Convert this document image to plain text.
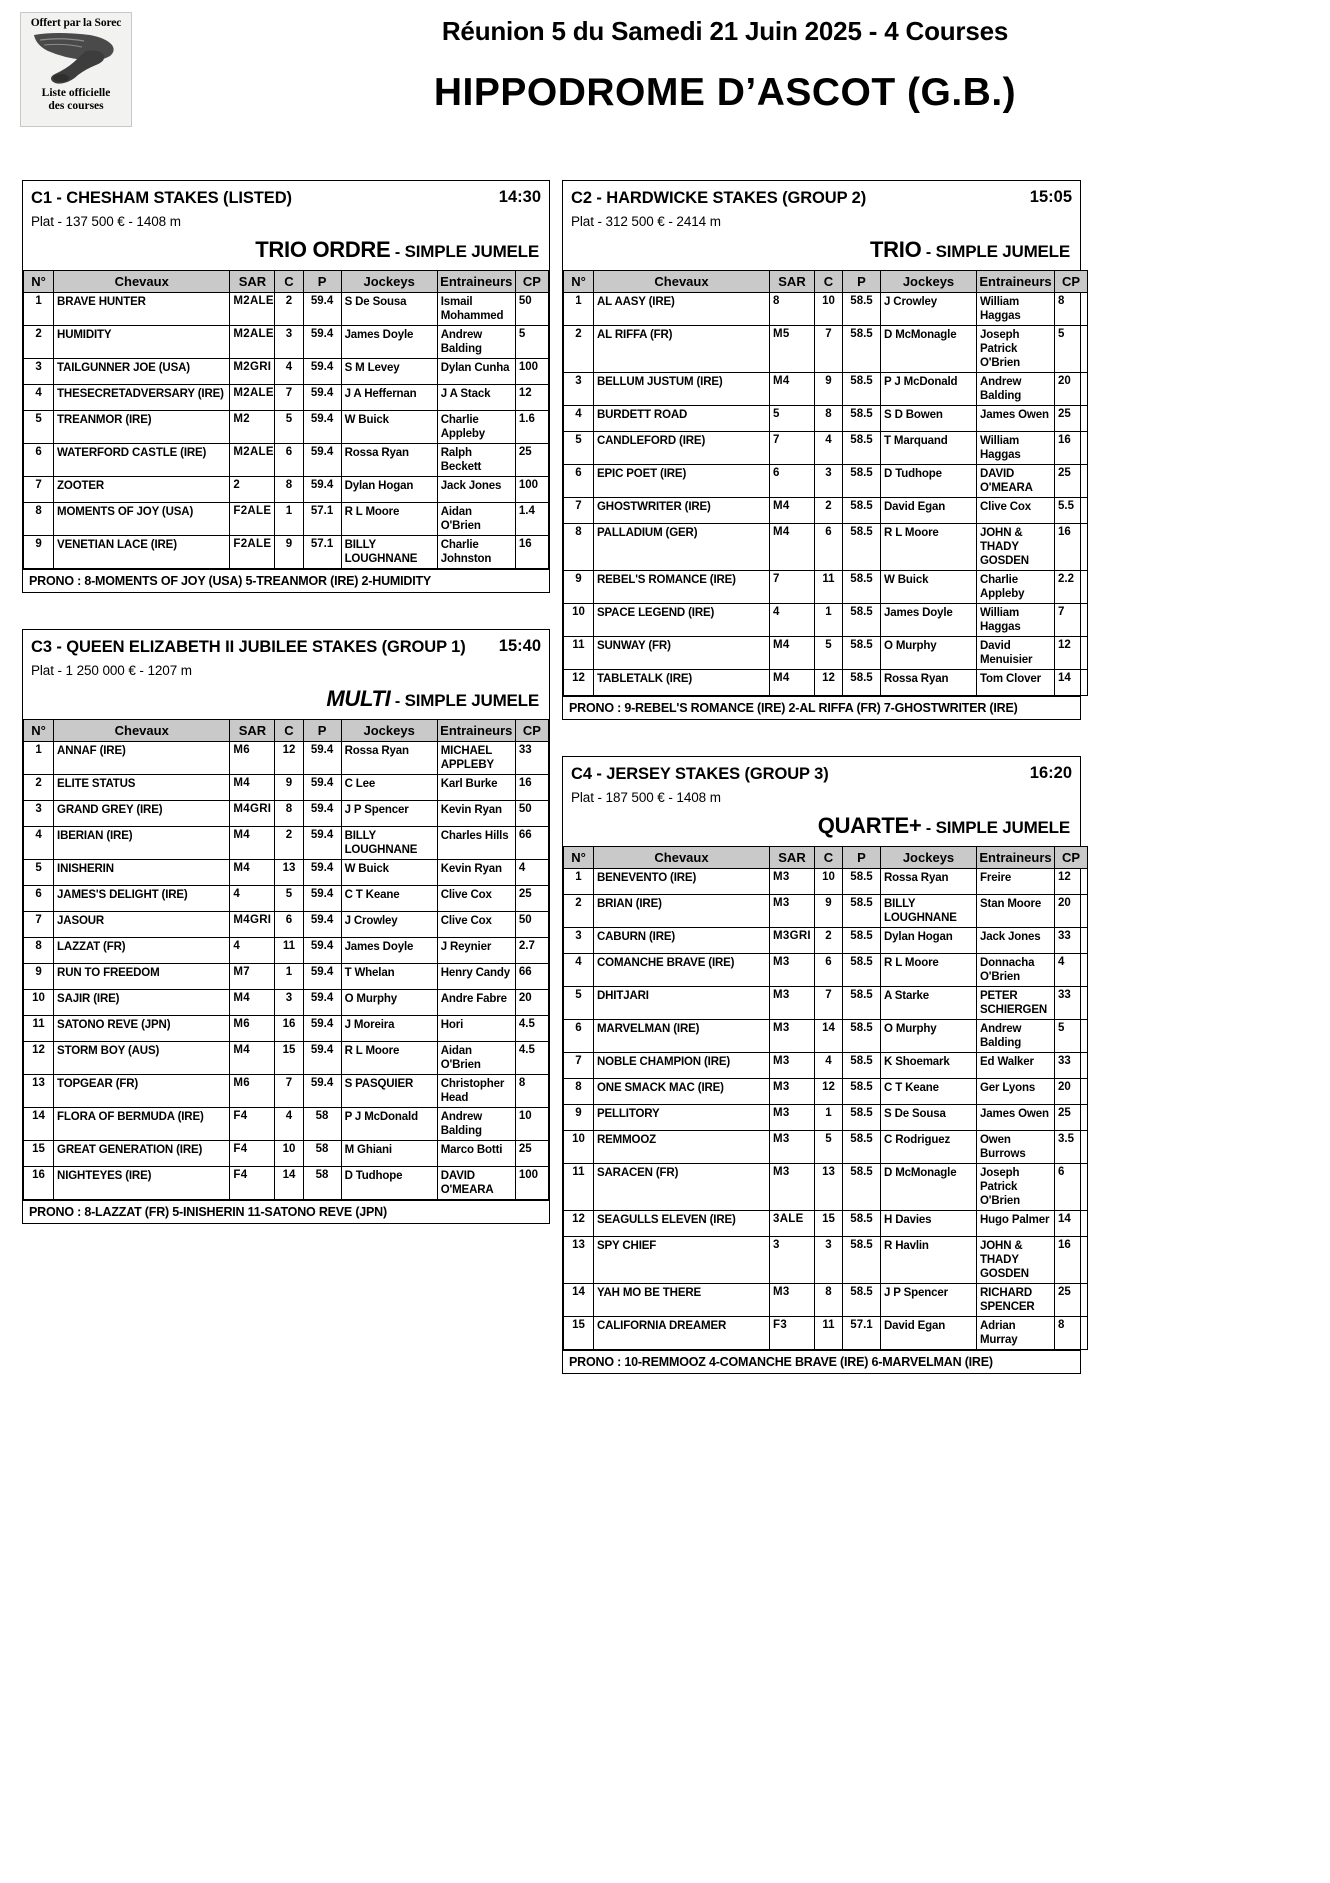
Offert par la Sorec
Liste officielle
des courses
Réunion 5 du Samedi 21 Juin 2025 - 4 Courses
HIPPODROME D’ASCOT (G.B.)
C1 - CHESHAM STAKES (LISTED)	14:30
Plat - 137 500 € - 1408 m
TRIO ORDRE - SIMPLE JUMELE
N°	Chevaux	SAR	C	P	Jockeys	Entraineurs	CP
1	BRAVE HUNTER	M2ALE	2	59.4	S De Sousa	Ismail Mohammed	50
2	HUMIDITY	M2ALE	3	59.4	James Doyle	Andrew Balding	5
3	TAILGUNNER JOE (USA)	M2GRI	4	59.4	S M Levey	Dylan Cunha	100
4	THESECRETADVERSARY (IRE)	M2ALE	7	59.4	J A Heffernan	J A Stack	12
5	TREANMOR (IRE)	M2	5	59.4	W Buick	Charlie Appleby	1.6
6	WATERFORD CASTLE (IRE)	M2ALE	6	59.4	Rossa Ryan	Ralph Beckett	25
7	ZOOTER	2	8	59.4	Dylan Hogan	Jack Jones	100
8	MOMENTS OF JOY (USA)	F2ALE	1	57.1	R L Moore	Aidan O'Brien	1.4
9	VENETIAN LACE (IRE)	F2ALE	9	57.1	BILLY LOUGHNANE	Charlie Johnston	16
PRONO : 8-MOMENTS OF JOY (USA) 5-TREANMOR (IRE) 2-HUMIDITY
C3 - QUEEN ELIZABETH II JUBILEE STAKES (GROUP 1)	15:40
Plat - 1 250 000 € - 1207 m
MULTI - SIMPLE JUMELE
N°	Chevaux	SAR	C	P	Jockeys	Entraineurs	CP
1	ANNAF (IRE)	M6	12	59.4	Rossa Ryan	MICHAEL APPLEBY	33
2	ELITE STATUS	M4	9	59.4	C Lee	Karl Burke	16
3	GRAND GREY (IRE)	M4GRI	8	59.4	J P Spencer	Kevin Ryan	50
4	IBERIAN (IRE)	M4	2	59.4	BILLY LOUGHNANE	Charles Hills	66
5	INISHERIN	M4	13	59.4	W Buick	Kevin Ryan	4
6	JAMES'S DELIGHT (IRE)	4	5	59.4	C T Keane	Clive Cox	25
7	JASOUR	M4GRI	6	59.4	J Crowley	Clive Cox	50
8	LAZZAT (FR)	4	11	59.4	James Doyle	J Reynier	2.7
9	RUN TO FREEDOM	M7	1	59.4	T Whelan	Henry Candy	66
10	SAJIR (IRE)	M4	3	59.4	O Murphy	Andre Fabre	20
11	SATONO REVE (JPN)	M6	16	59.4	J Moreira	Hori	4.5
12	STORM BOY (AUS)	M4	15	59.4	R L Moore	Aidan O'Brien	4.5
13	TOPGEAR (FR)	M6	7	59.4	S PASQUIER	Christopher Head	8
14	FLORA OF BERMUDA (IRE)	F4	4	58	P J McDonald	Andrew Balding	10
15	GREAT GENERATION (IRE)	F4	10	58	M Ghiani	Marco Botti	25
16	NIGHTEYES (IRE)	F4	14	58	D Tudhope	DAVID O'MEARA	100
PRONO : 8-LAZZAT (FR) 5-INISHERIN 11-SATONO REVE (JPN)
C2 - HARDWICKE STAKES (GROUP 2)	15:05
Plat - 312 500 € - 2414 m
TRIO - SIMPLE JUMELE
N°	Chevaux	SAR	C	P	Jockeys	Entraineurs	CP
1	AL AASY (IRE)	8	10	58.5	J Crowley	William Haggas	8
2	AL RIFFA (FR)	M5	7	58.5	D McMonagle	Joseph Patrick O'Brien	5
3	BELLUM JUSTUM (IRE)	M4	9	58.5	P J McDonald	Andrew Balding	20
4	BURDETT ROAD	5	8	58.5	S D Bowen	James Owen	25
5	CANDLEFORD (IRE)	7	4	58.5	T Marquand	William Haggas	16
6	EPIC POET (IRE)	6	3	58.5	D Tudhope	DAVID O'MEARA	25
7	GHOSTWRITER (IRE)	M4	2	58.5	David Egan	Clive Cox	5.5
8	PALLADIUM (GER)	M4	6	58.5	R L Moore	JOHN & THADY GOSDEN	16
9	REBEL'S ROMANCE (IRE)	7	11	58.5	W Buick	Charlie Appleby	2.2
10	SPACE LEGEND (IRE)	4	1	58.5	James Doyle	William Haggas	7
11	SUNWAY (FR)	M4	5	58.5	O Murphy	David Menuisier	12
12	TABLETALK (IRE)	M4	12	58.5	Rossa Ryan	Tom Clover	14
PRONO : 9-REBEL'S ROMANCE (IRE) 2-AL RIFFA (FR) 7-GHOSTWRITER (IRE)
C4 - JERSEY STAKES (GROUP 3)	16:20
Plat - 187 500 € - 1408 m
QUARTE+ - SIMPLE JUMELE
N°	Chevaux	SAR	C	P	Jockeys	Entraineurs	CP
1	BENEVENTO (IRE)	M3	10	58.5	Rossa Ryan	Freire	12
2	BRIAN (IRE)	M3	9	58.5	BILLY LOUGHNANE	Stan Moore	20
3	CABURN (IRE)	M3GRI	2	58.5	Dylan Hogan	Jack Jones	33
4	COMANCHE BRAVE (IRE)	M3	6	58.5	R L Moore	Donnacha O'Brien	4
5	DHITJARI	M3	7	58.5	A Starke	PETER SCHIERGEN	33
6	MARVELMAN (IRE)	M3	14	58.5	O Murphy	Andrew Balding	5
7	NOBLE CHAMPION (IRE)	M3	4	58.5	K Shoemark	Ed Walker	33
8	ONE SMACK MAC (IRE)	M3	12	58.5	C T Keane	Ger Lyons	20
9	PELLITORY	M3	1	58.5	S De Sousa	James Owen	25
10	REMMOOZ	M3	5	58.5	C Rodriguez	Owen Burrows	3.5
11	SARACEN (FR)	M3	13	58.5	D McMonagle	Joseph Patrick O'Brien	6
12	SEAGULLS ELEVEN (IRE)	3ALE	15	58.5	H Davies	Hugo Palmer	14
13	SPY CHIEF	3	3	58.5	R Havlin	JOHN & THADY GOSDEN	16
14	YAH MO BE THERE	M3	8	58.5	J P Spencer	RICHARD SPENCER	25
15	CALIFORNIA DREAMER	F3	11	57.1	David Egan	Adrian Murray	8
PRONO : 10-REMMOOZ 4-COMANCHE BRAVE (IRE) 6-MARVELMAN (IRE)
